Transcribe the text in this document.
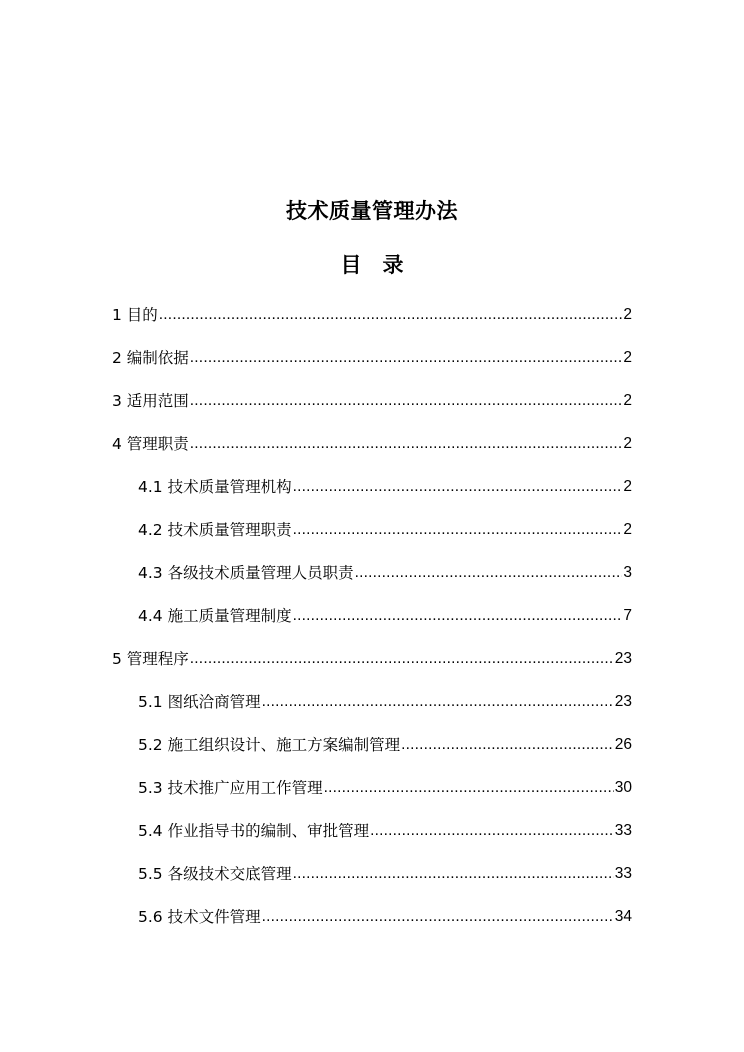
技术质量管理办法
目　录
1 目的 .....	2
2 编制依据 .....	2
3 适用范围 .....	2
4 管理职责 .....	2
4.1 技术质量管理机构 .....	2
4.2 技术质量管理职责 .....	2
4.3 各级技术质量管理人员职责 .....	3
4.4 施工质量管理制度 .....	7
5 管理程序 .....	23
5.1 图纸洽商管理 .....	23
5.2 施工组织设计、施工方案编制管理 .....	26
5.3 技术推广应用工作管理 .....	30
5.4 作业指导书的编制、审批管理 .....	33
5.5 各级技术交底管理 .....	33
5.6 技术文件管理 .....	34
